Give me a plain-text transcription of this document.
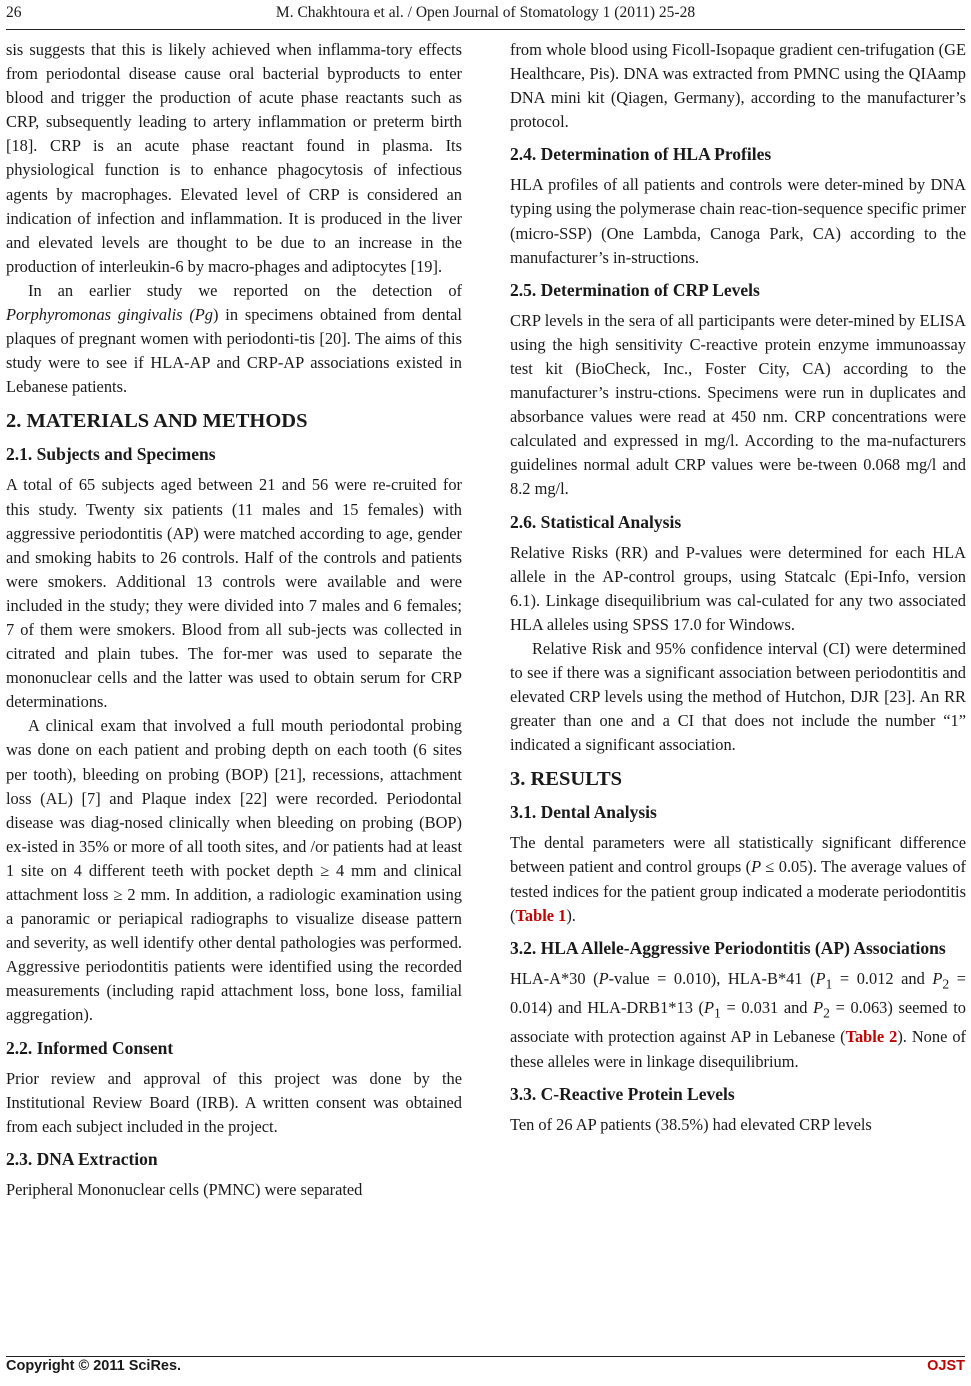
26	M. Chakhtoura et al. / Open Journal of Stomatology 1 (2011) 25-28

sis suggests that this is likely achieved when inflamma-tory effects from periodontal disease cause oral bacterial byproducts to enter blood and trigger the production of acute phase reactants such as CRP, subsequently leading to artery inflammation or preterm birth [18]. CRP is an acute phase reactant found in plasma. Its physiological function is to enhance phagocytosis of infectious agents by macrophages. Elevated level of CRP is considered an indication of infection and inflammation. It is produced in the liver and elevated levels are thought to be due to an increase in the production of interleukin-6 by macro-phages and adiptocytes [19].

In an earlier study we reported on the detection of Porphyromonas gingivalis (Pg) in specimens obtained from dental plaques of pregnant women with periodonti-tis [20]. The aims of this study were to see if HLA-AP and CRP-AP associations existed in Lebanese patients.

2. MATERIALS AND METHODS
2.1. Subjects and Specimens

A total of 65 subjects aged between 21 and 56 were re-cruited for this study. Twenty six patients (11 males and 15 females) with aggressive periodontitis (AP) were matched according to age, gender and smoking habits to 26 controls. Half of the controls and patients were smokers. Additional 13 controls were available and were included in the study; they were divided into 7 males and 6 females; 7 of them were smokers. Blood from all sub-jects was collected in citrated and plain tubes. The for-mer was used to separate the mononuclear cells and the latter was used to obtain serum for CRP determinations.

A clinical exam that involved a full mouth periodontal probing was done on each patient and probing depth on each tooth (6 sites per tooth), bleeding on probing (BOP) [21], recessions, attachment loss (AL) [7] and Plaque index [22] were recorded. Periodontal disease was diag-nosed clinically when bleeding on probing (BOP) ex-isted in 35% or more of all tooth sites, and /or patients had at least 1 site on 4 different teeth with pocket depth ≥ 4 mm and clinical attachment loss ≥ 2 mm. In addition, a radiologic examination using a panoramic or periapical radiographs to visualize disease pattern and severity, as well identify other dental pathologies was performed. Aggressive periodontitis patients were identified using the recorded measurements (including rapid attachment loss, bone loss, familial aggregation).

2.2. Informed Consent

Prior review and approval of this project was done by the Institutional Review Board (IRB). A written consent was obtained from each subject included in the project.

2.3. DNA Extraction

Peripheral Mononuclear cells (PMNC) were separated

from whole blood using Ficoll-Isopaque gradient cen-trifugation (GE Healthcare, Pis). DNA was extracted from PMNC using the QIAamp DNA mini kit (Qiagen, Germany), according to the manufacturer’s protocol.

2.4. Determination of HLA Profiles

HLA profiles of all patients and controls were deter-mined by DNA typing using the polymerase chain reac-tion-sequence specific primer (micro-SSP) (One Lambda, Canoga Park, CA) according to the manufacturer’s in-structions.

2.5. Determination of CRP Levels

CRP levels in the sera of all participants were deter-mined by ELISA using the high sensitivity C-reactive protein enzyme immunoassay test kit (BioCheck, Inc., Foster City, CA) according to the manufacturer’s instru-ctions. Specimens were run in duplicates and absorbance values were read at 450 nm. CRP concentrations were calculated and expressed in mg/l. According to the ma-nufacturers guidelines normal adult CRP values were be-tween 0.068 mg/l and 8.2 mg/l.

2.6. Statistical Analysis

Relative Risks (RR) and P-values were determined for each HLA allele in the AP-control groups, using Statcalc (Epi-Info, version 6.1). Linkage disequilibrium was cal-culated for any two associated HLA alleles using SPSS 17.0 for Windows.

Relative Risk and 95% confidence interval (CI) were determined to see if there was a significant association between periodontitis and elevated CRP levels using the method of Hutchon, DJR [23]. An RR greater than one and a CI that does not include the number “1” indicated a significant association.

3. RESULTS
3.1. Dental Analysis

The dental parameters were all statistically significant difference between patient and control groups (P ≤ 0.05). The average values of tested indices for the patient group indicated a moderate periodontitis (Table 1).

3.2. HLA Allele-Aggressive Periodontitis (AP) Associations

HLA-A*30 (P-value = 0.010), HLA-B*41 ($P_1 = 0.012$ and $P_2 = 0.014$) and HLA-DRB1*13 ($P_1 = 0.031$ and $P_2 = 0.063$) seemed to associate with protection against AP in Lebanese (Table 2). None of these alleles were in linkage disequilibrium.

3.3. C-Reactive Protein Levels

Ten of 26 AP patients (38.5%) had elevated CRP levels

Copyright © 2011 SciRes.	OJST
